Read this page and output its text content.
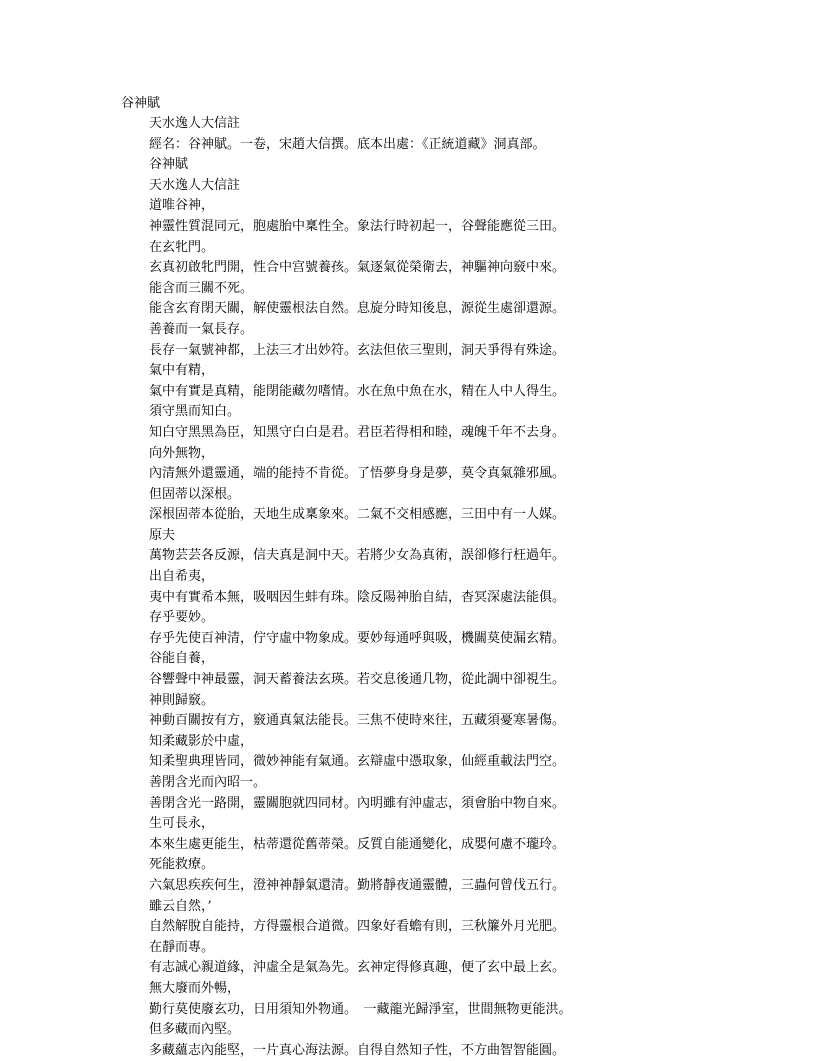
谷神賦
天水逸人大信註
經名：谷神賦。一卷，宋趙大信撰。底本出處：《正統道藏》洞真部。
谷神賦
天水逸人大信註
道唯谷神，
神靈性質混同元，胞處胎中稟性全。象法行時初起一，谷聲能應從三田。
在玄牝門。
玄真初啟牝門開，性合中宫號養孩。氣逐氣從榮衛去，神驅神向竅中來。
能含而三關不死。
能含玄育閉天關，解使靈根法自然。息旋分時知後息，源從生處卻還源。
善養而一氣長存。
長存一氣號神都，上法三才出妙符。玄法但依三聖則，洞天爭得有殊途。
氣中有精，
氣中有實是真精，能閉能藏勿嗜情。水在魚中魚在水，精在人中人得生。
須守黑而知白。
知白守黑黑為臣，知黑守白白是君。君臣若得相和睦，魂魄千年不去身。
向外無物，
內清無外還靈通，端的能持不肯從。了悟夢身身是夢，莫令真氣雜邪風。
但固蒂以深根。
深根固蒂本從胎，天地生成稟象來。二氣不交相感應，三田中有一人媒。
原夫
萬物芸芸各反源，信夫真是洞中天。若將少女為真術，誤卻修行枉過年。
出自希夷，
夷中有實希本無，吸咽因生蚌有珠。陰反陽神胎自結，杳冥深處法能俱。
存乎要妙。
存乎先使百神清，佇守虛中物象成。要妙每通呼與吸，機關莫使漏玄精。
谷能自養，
谷響聲中神最靈，洞天蓄養法玄瑛。若交息後通几物，從此調中卻視生。
神則歸竅。
神動百關按有方，竅通真氣法能長。三焦不使時來往，五藏須憂寒暑傷。
知柔藏影於中虛，
知柔聖典理皆同，微妙神能有氣通。玄辯虛中憑取象，仙經重載法門空。
善閉含光而內昭一。
善閉含光一路開，靈關胞就四同材。內明雖有沖虛志，須會胎中物自來。
生可長永，
本來生處更能生，枯蒂還從舊蒂榮。反質自能通變化，成嬰何慮不瓏玲。
死能救療。
六氣思疾疾何生，澄神神靜氣還清。勤將靜夜通靈體，三蟲何曾伐五行。
雖云自然，’
自然解脫自能持，方得靈根合道微。四象好看蟾有則，三秋簾外月光肥。
在靜而專。
有志誠心親道緣，沖虛全是氣為先。玄神定得修真趣，便了玄中最上玄。
無大廢而外暢，
勤行莫使廢玄功，日用須知外物通。　一藏龍光歸淨室，世間無物更能洪。
但多藏而內堅。
多藏蘊志內能堅，一片真心海法源。自得自然知子性，不方曲智智能圓。
